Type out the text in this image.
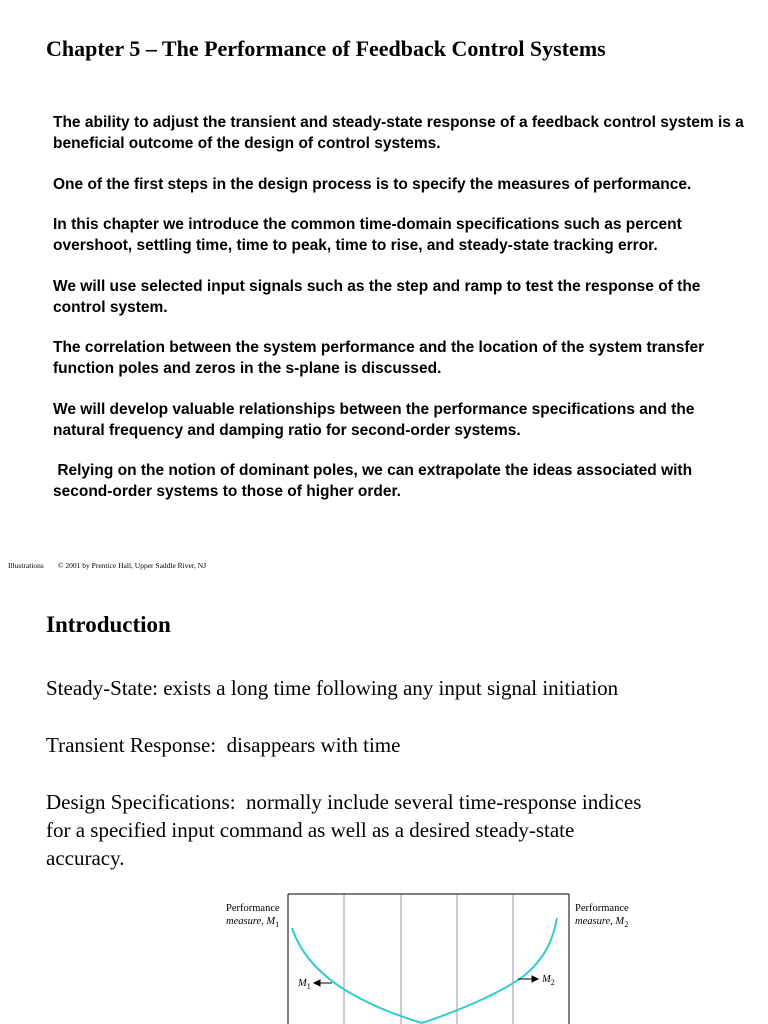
Chapter 5 – The Performance of Feedback Control Systems

The ability to adjust the transient and steady-state response of a feedback control system is a beneficial outcome of the design of control systems.

One of the first steps in the design process is to specify the measures of performance.

In this chapter we introduce the common time-domain specifications such as percent overshoot, settling time, time to peak, time to rise, and steady-state tracking error.

We will use selected input signals such as the step and ramp to test the response of the control system.

The correlation between the system performance and the location of the system transfer function poles and zeros in the s-plane is discussed.

We will develop valuable relationships between the performance specifications and the natural frequency and damping ratio for second-order systems.

Relying on the notion of dominant poles, we can extrapolate the ideas associated with second-order systems to those of higher order.

Illustrations © 2001 by Prentice Hall, Upper Saddle River, NJ
Introduction
Steady-State: exists a long time following any input signal initiation
Transient Response:  disappears with time
Design Specifications:  normally include several time-response indices
for a specified input command as well as a desired steady-state
accuracy.
Performance
measure, $M_1$
Performance
measure, $M_2$
$M_1$
$M_2$
